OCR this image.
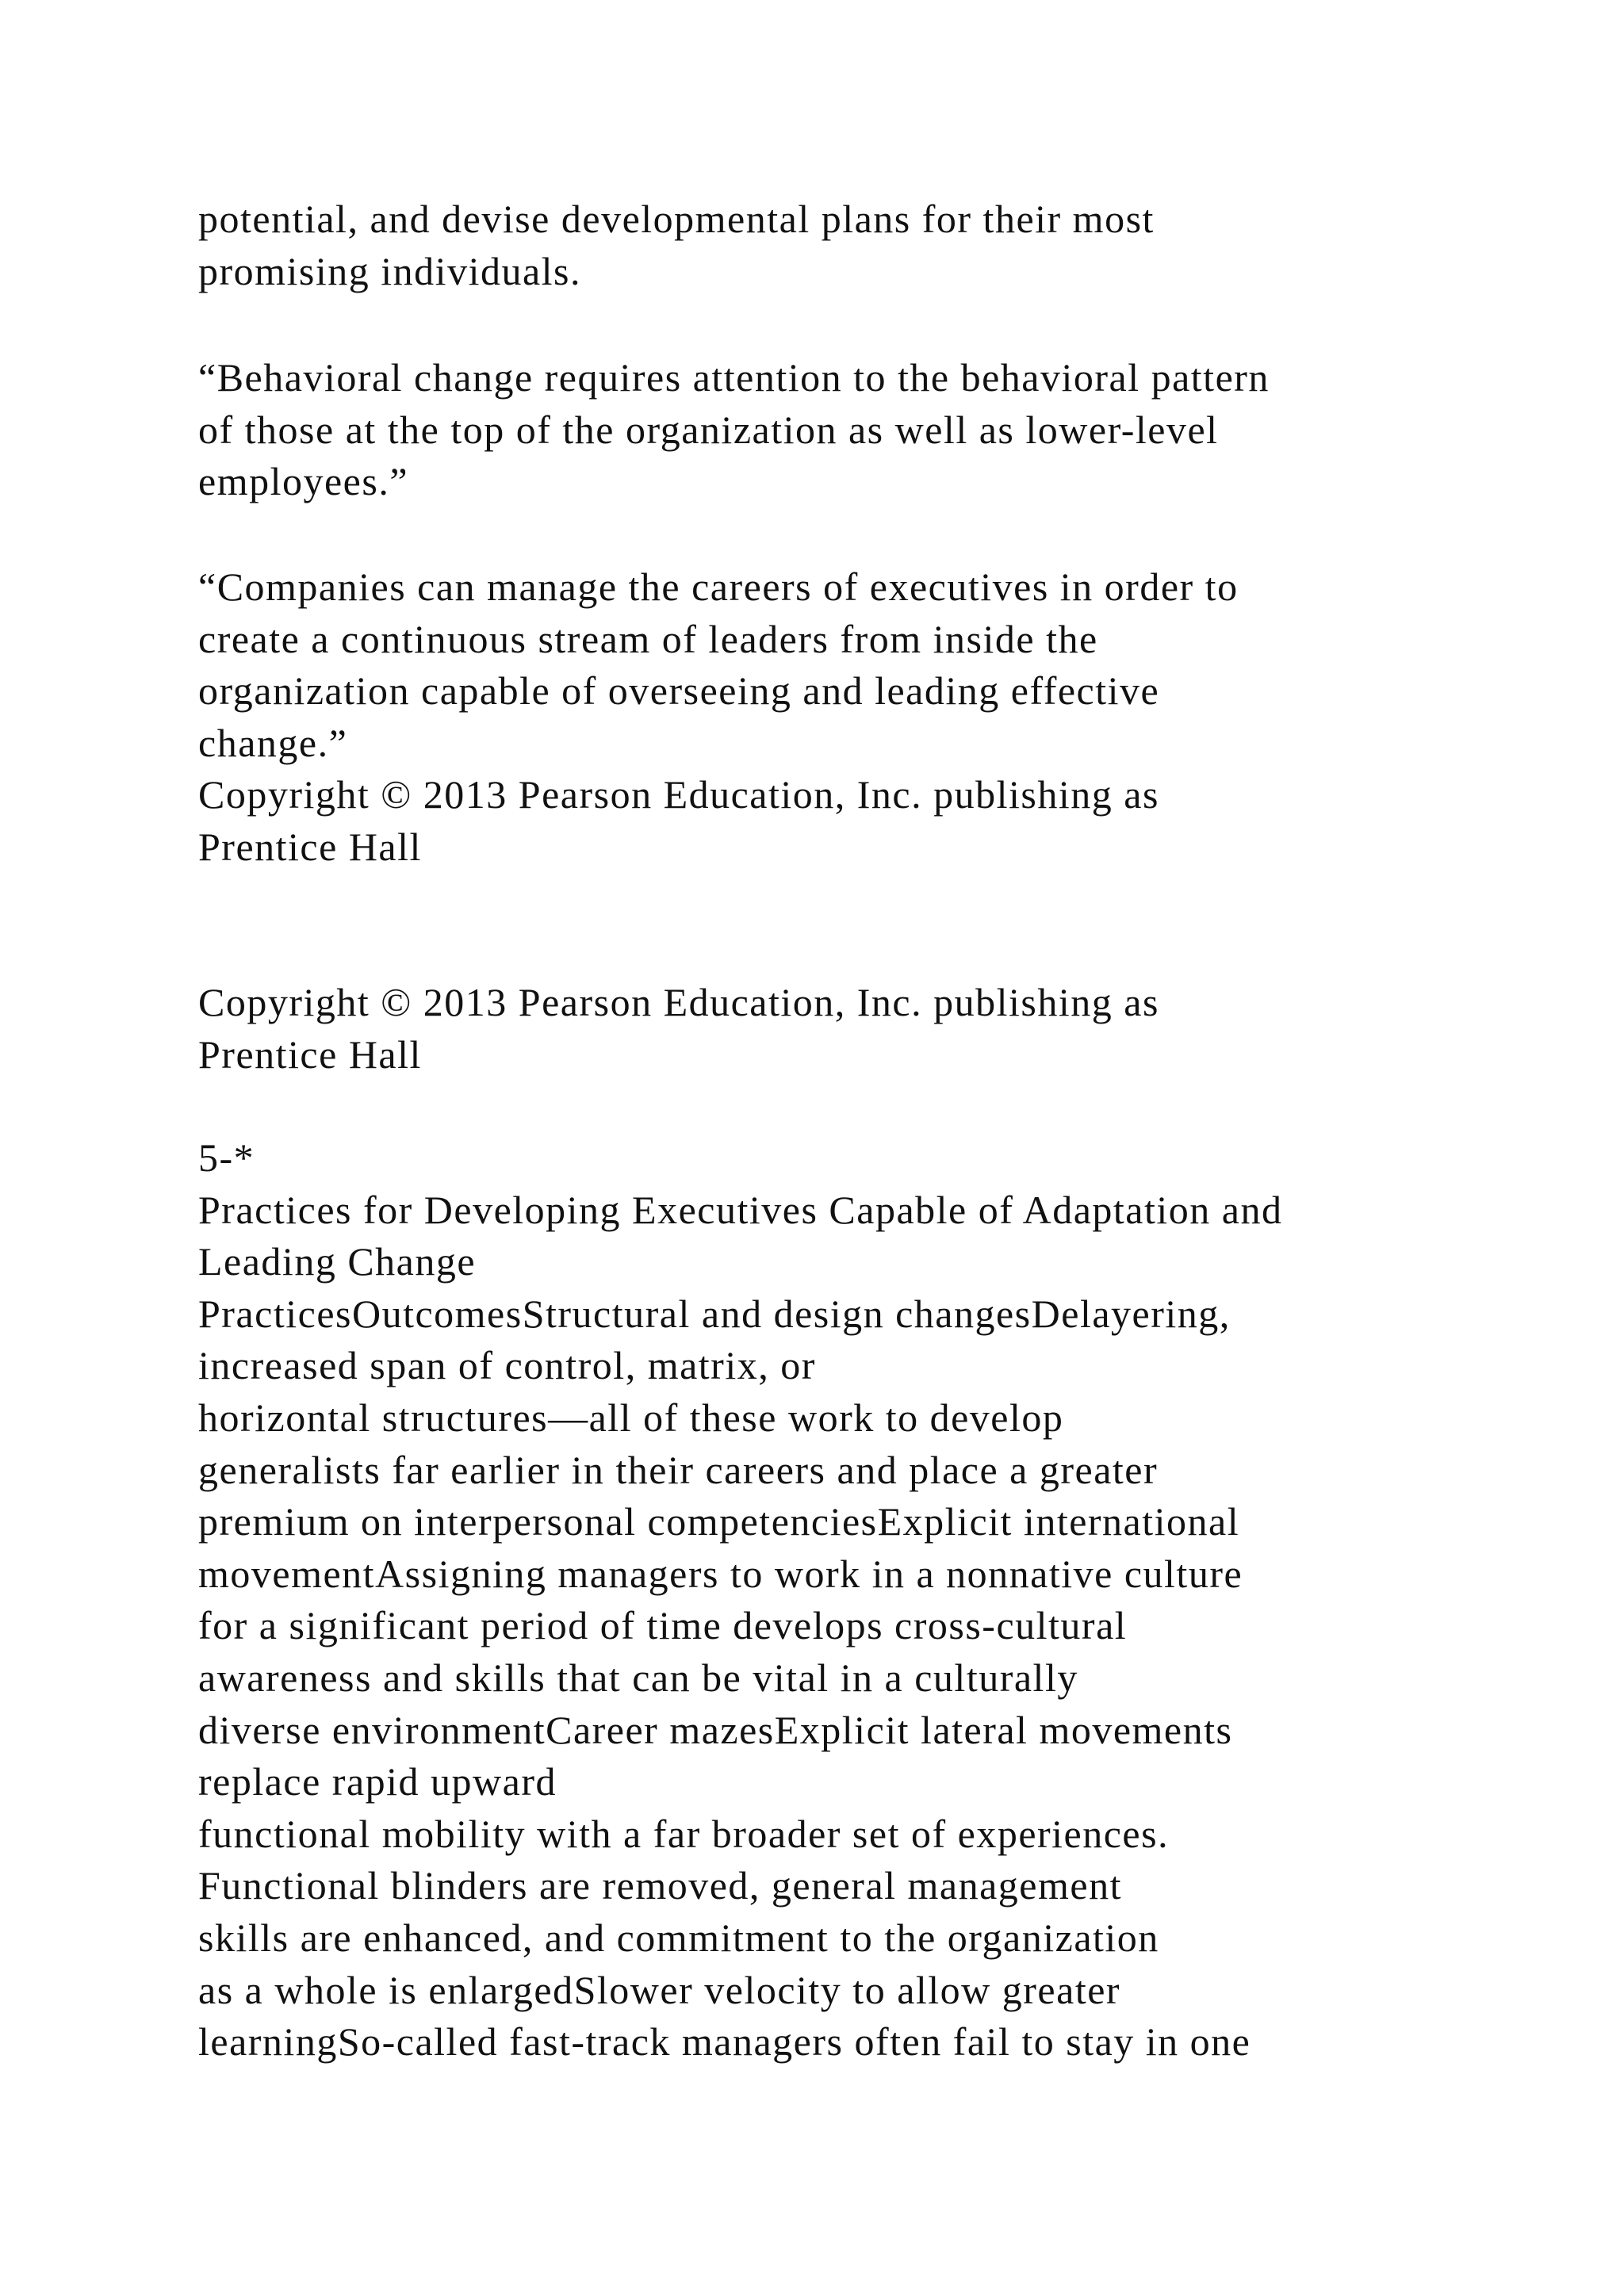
potential, and devise developmental plans for their most
promising individuals.
“Behavioral change requires attention to the behavioral pattern
of those at the top of the organization as well as lower-level
employees.”
“Companies can manage the careers of executives in order to
create a continuous stream of leaders from inside the
organization capable of overseeing and leading effective
change.”
Copyright © 2013 Pearson Education, Inc. publishing as
Prentice Hall
Copyright © 2013 Pearson Education, Inc. publishing as
Prentice Hall
5-*
Practices for Developing Executives Capable of Adaptation and
Leading Change
PracticesOutcomesStructural and design changesDelayering,
increased span of control, matrix, or
horizontal structures—all of these work to develop
generalists far earlier in their careers and place a greater
premium on interpersonal competenciesExplicit international
movementAssigning managers to work in a nonnative culture
for a significant period of time develops cross-cultural
awareness and skills that can be vital in a culturally
diverse environmentCareer mazesExplicit lateral movements
replace rapid upward
functional mobility with a far broader set of experiences.
Functional blinders are removed, general management
skills are enhanced, and commitment to the organization
as a whole is enlargedSlower velocity to allow greater
learningSo-called fast-track managers often fail to stay in one
